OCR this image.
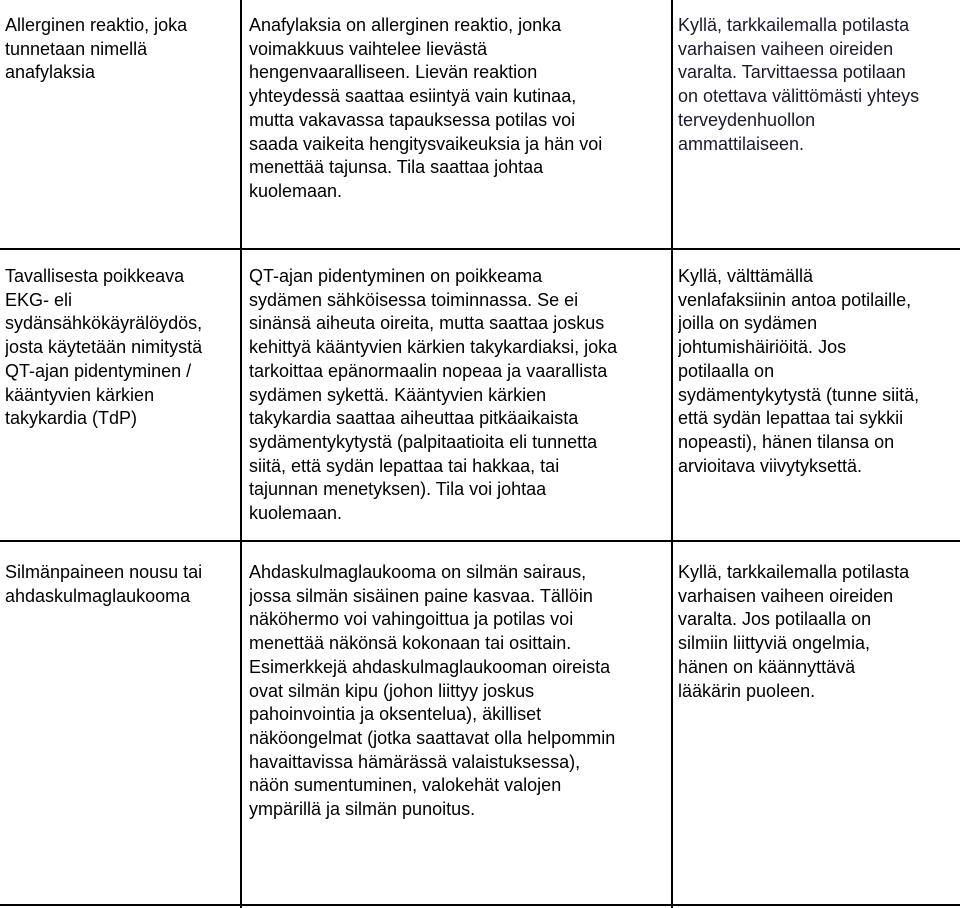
Allerginen reaktio, joka
tunnetaan nimellä
anafylaksia
Anafylaksia on allerginen reaktio, jonka
voimakkuus vaihtelee lievästä
hengenvaaralliseen. Lievän reaktion
yhteydessä saattaa esiintyä vain kutinaa,
mutta vakavassa tapauksessa potilas voi
saada vaikeita hengitysvaikeuksia ja hän voi
menettää tajunsa. Tila saattaa johtaa
kuolemaan.
Kyllä, tarkkailemalla potilasta
varhaisen vaiheen oireiden
varalta. Tarvittaessa potilaan
on otettava välittömästi yhteys
terveydenhuollon
ammattilaiseen.
Tavallisesta poikkeava
EKG- eli
sydänsähkökäyrälöydös,
josta käytetään nimitystä
QT-ajan pidentyminen /
kääntyvien kärkien
takykardia (TdP)
QT-ajan pidentyminen on poikkeama
sydämen sähköisessa toiminnassa. Se ei
sinänsä aiheuta oireita, mutta saattaa joskus
kehittyä kääntyvien kärkien takykardiaksi, joka
tarkoittaa epänormaalin nopeaa ja vaarallista
sydämen sykettä. Kääntyvien kärkien
takykardia saattaa aiheuttaa pitkäaikaista
sydämentykytystä (palpitaatioita eli tunnetta
siitä, että sydän lepattaa tai hakkaa, tai
tajunnan menetyksen). Tila voi johtaa
kuolemaan.
Kyllä, välttämällä
venlafaksiinin antoa potilaille,
joilla on sydämen
johtumishäiriöitä. Jos
potilaalla on
sydämentykytystä (tunne siitä,
että sydän lepattaa tai sykkii
nopeasti), hänen tilansa on
arvioitava viivytyksettä.
Silmänpaineen nousu tai
ahdaskulmaglaukooma
Ahdaskulmaglaukooma on silmän sairaus,
jossa silmän sisäinen paine kasvaa. Tällöin
näköhermo voi vahingoittua ja potilas voi
menettää näkönsä kokonaan tai osittain.
Esimerkkejä ahdaskulmaglaukooman oireista
ovat silmän kipu (johon liittyy joskus
pahoinvointia ja oksentelua), äkilliset
näköongelmat (jotka saattavat olla helpommin
havaittavissa hämärässä valaistuksessa),
näön sumentuminen, valokehät valojen
ympärillä ja silmän punoitus.
Kyllä, tarkkailemalla potilasta
varhaisen vaiheen oireiden
varalta. Jos potilaalla on
silmiin liittyviä ongelmia,
hänen on käännyttävä
lääkärin puoleen.
